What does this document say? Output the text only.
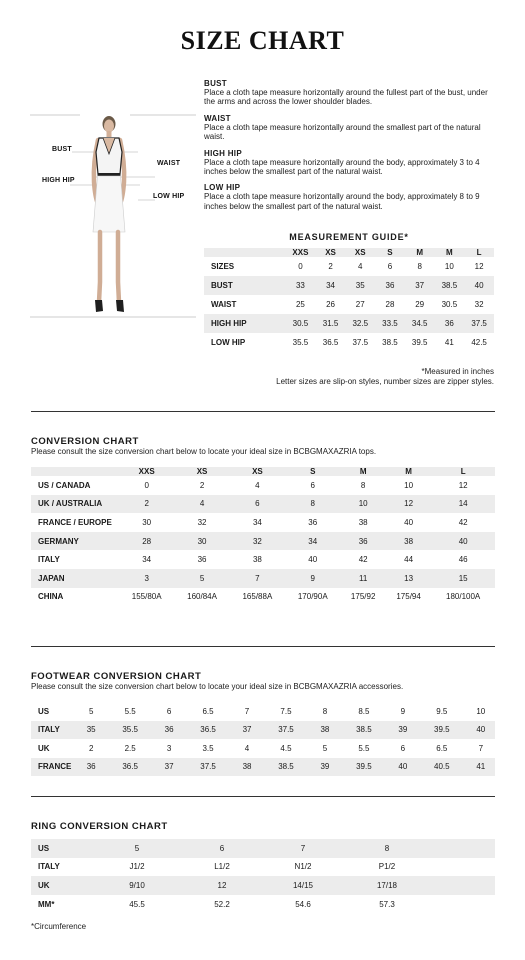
SIZE CHART
BUST
WAIST
HIGH HIP
LOW HIP
BUST
Place a cloth tape measure horizontally around the fullest part of the bust, under the arms and across the lower shoulder blades.
WAIST
Place a cloth tape measure horizontally around the smallest part of the natural waist.
HIGH HIP
Place a cloth tape measure horizontally around the body, approximately 3 to 4 inches below the smallest part of the natural waist.
LOW HIP
Place a cloth tape measure horizontally around the body, approximately 8 to 9 inches below the smallest part of the natural waist.
MEASUREMENT GUIDE*
	XXS	XS	XS	S	M	M	L
SIZES	0	2	4	6	8	10	12
BUST	33	34	35	36	37	38.5	40
WAIST	25	26	27	28	29	30.5	32
HIGH HIP	30.5	31.5	32.5	33.5	34.5	36	37.5
LOW HIP	35.5	36.5	37.5	38.5	39.5	41	42.5
*Measured in inches
Letter sizes are slip-on styles, number sizes are zipper styles.
CONVERSION CHART
Please consult the size conversion chart below to locate your ideal size in BCBGMAXAZRIA tops.
	XXS	XS	XS	S	M	M	L
US / CANADA	0	2	4	6	8	10	12
UK / AUSTRALIA	2	4	6	8	10	12	14
FRANCE / EUROPE	30	32	34	36	38	40	42
GERMANY	28	30	32	34	36	38	40
ITALY	34	36	38	40	42	44	46
JAPAN	3	5	7	9	11	13	15
CHINA	155/80A	160/84A	165/88A	170/90A	175/92	175/94	180/100A
FOOTWEAR CONVERSION CHART
Please consult the size conversion chart below to locate your ideal size in BCBGMAXAZRIA accessories.
US	5	5.5	6	6.5	7	7.5	8	8.5	9	9.5	10
ITALY	35	35.5	36	36.5	37	37.5	38	38.5	39	39.5	40
UK	2	2.5	3	3.5	4	4.5	5	5.5	6	6.5	7
FRANCE	36	36.5	37	37.5	38	38.5	39	39.5	40	40.5	41
RING CONVERSION CHART
US	5	6	7	8	
ITALY	J1/2	L1/2	N1/2	P1/2	
UK	9/10	12	14/15	17/18	
MM*	45.5	52.2	54.6	57.3	
*Circumference
